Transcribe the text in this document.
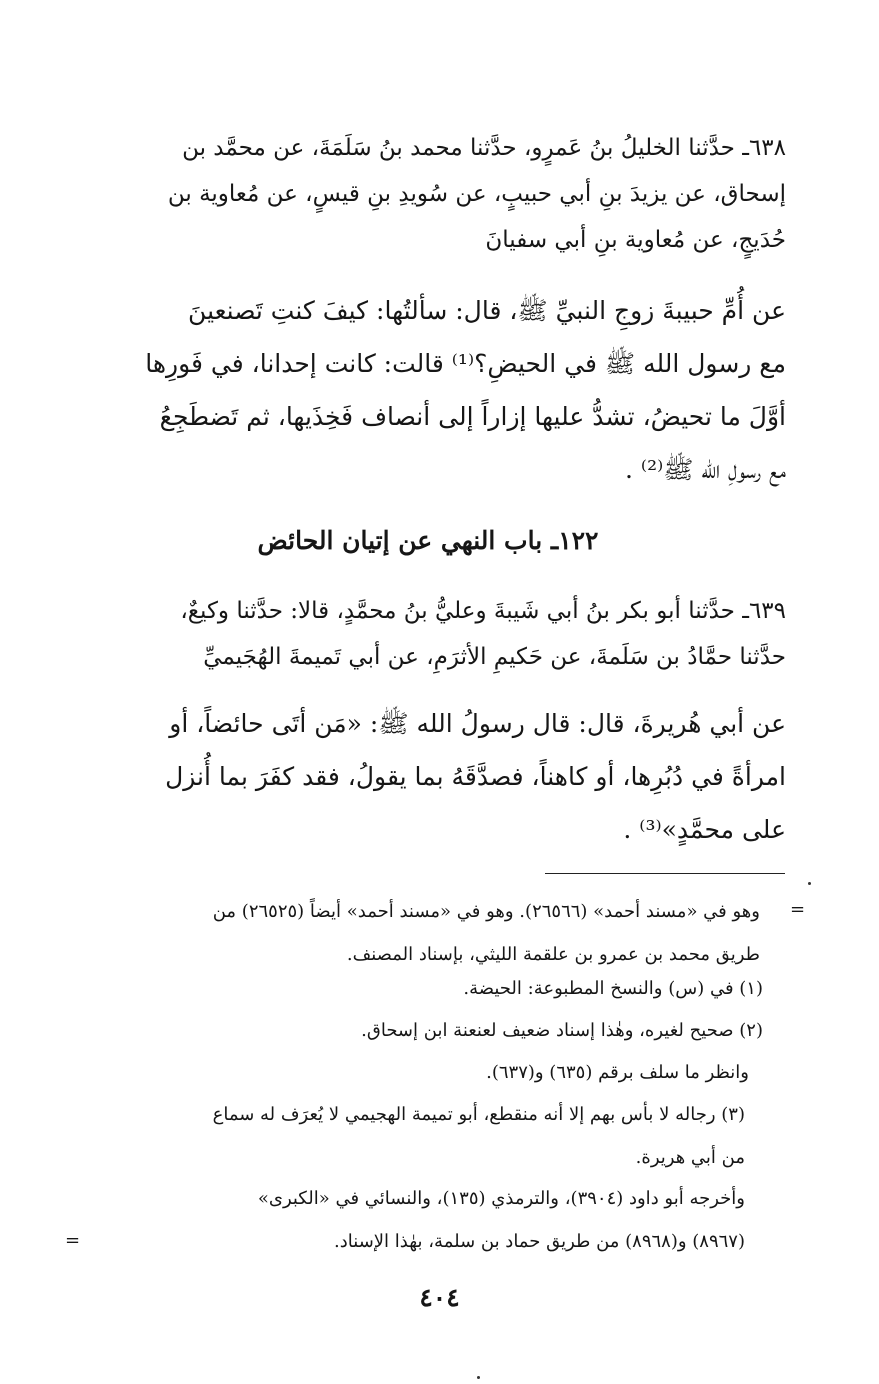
٦٣٨ـ حدَّثنا الخليلُ بنُ عَمرٍو، حدَّثنا محمد بنُ سَلَمَةَ، عن محمَّد بن

إسحاق، عن يزيدَ بنِ أبي حبيبٍ، عن سُويدِ بنِ قيسٍ، عن مُعاوية بن

حُدَيجٍ، عن مُعاوية بنِ أبي سفيانَ

عن أُمِّ حبيبةَ زوجِ النبيِّ ﷺ، قال: سألتُها: كيفَ كنتِ تَصنعينَ

مع رسول الله ﷺ في الحيضِ؟⁽¹⁾ قالت: كانت إحدانا، في فَورِها

أوَّلَ ما تحيضُ، تشدُّ عليها إزاراً إلى أنصاف فَخِذَيها، ثم تَضطَجِعُ

مع رسولِ الله ﷺ⁽²⁾ .

١٢٢ـ باب النهي عن إتيان الحائض

٦٣٩ـ حدَّثنا أبو بكر بنُ أبي شَيبةَ وعليُّ بنُ محمَّدٍ، قالا: حدَّثنا وكيعٌ،

حدَّثنا حمَّادُ بن سَلَمةَ، عن حَكيمِ الأثرَمِ، عن أبي تَميمةَ الهُجَيميِّ

عن أبي هُريرةَ، قال: قال رسولُ الله ﷺ: «مَن أتَى حائضاً، أو

امرأةً في دُبُرِها، أو كاهناً، فصدَّقَهُ بما يقولُ، فقد كفَرَ بما أُنزل

على محمَّدٍ»⁽³⁾ .

=

وهو في «مسند أحمد» (٢٦٥٦٦). وهو في «مسند أحمد» أيضاً (٢٦٥٢٥) من

طريق محمد بن عمرو بن علقمة الليثي، بإسناد المصنف.

(١) في (س) والنسخ المطبوعة: الحيضة.
(٢) صحيح لغيره، وهٰذا إسناد ضعيف لعنعنة ابن إسحاق.
وانظر ما سلف برقم (٦٣٥) و(٦٣٧).

(٣) رجاله لا بأس بهم إلا أنه منقطع، أبو تميمة الهجيمي لا يُعرَف له سماع

من أبي هريرة.

وأخرجه أبو داود (٣٩٠٤)، والترمذي (١٣٥)، والنسائي في «الكبرى»

(٨٩٦٧) و(٨٩٦٨) من طريق حماد بن سلمة، بهٰذا الإسناد.

=
٤٠٤
